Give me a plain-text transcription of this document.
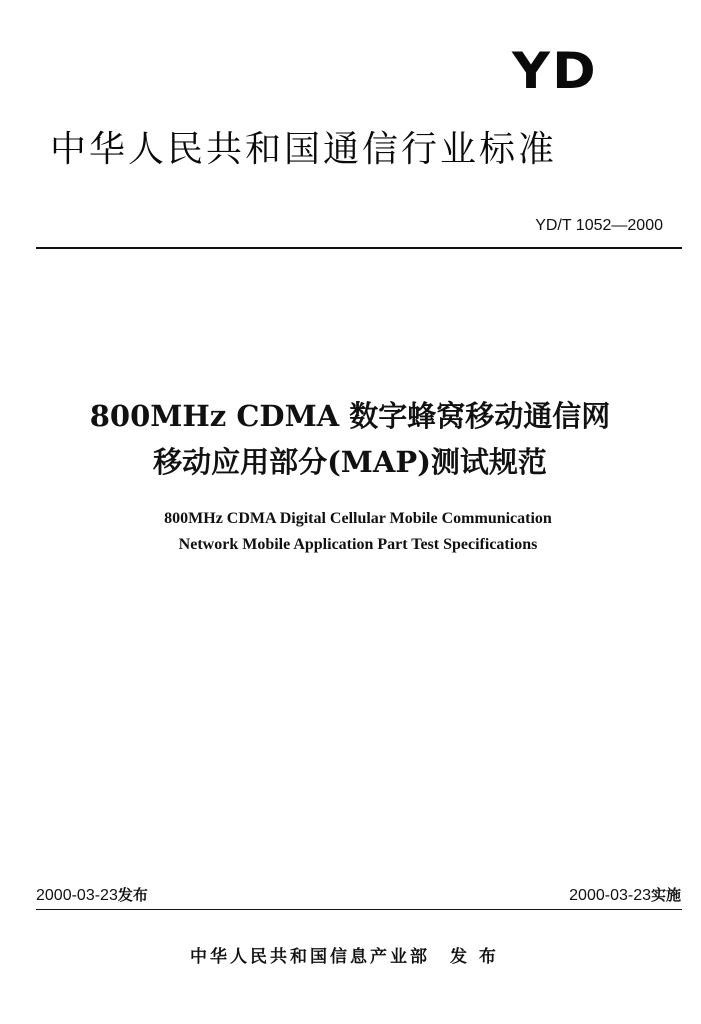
YD
中华人民共和国通信行业标准
YD/T 1052—2000
800MHz CDMA 数字蜂窝移动通信网
移动应用部分(MAP)测试规范
800MHz CDMA Digital Cellular Mobile Communication
Network Mobile Application Part Test Specifications
2000-03-23发布	2000-03-23实施
中华人民共和国信息产业部 发 布
